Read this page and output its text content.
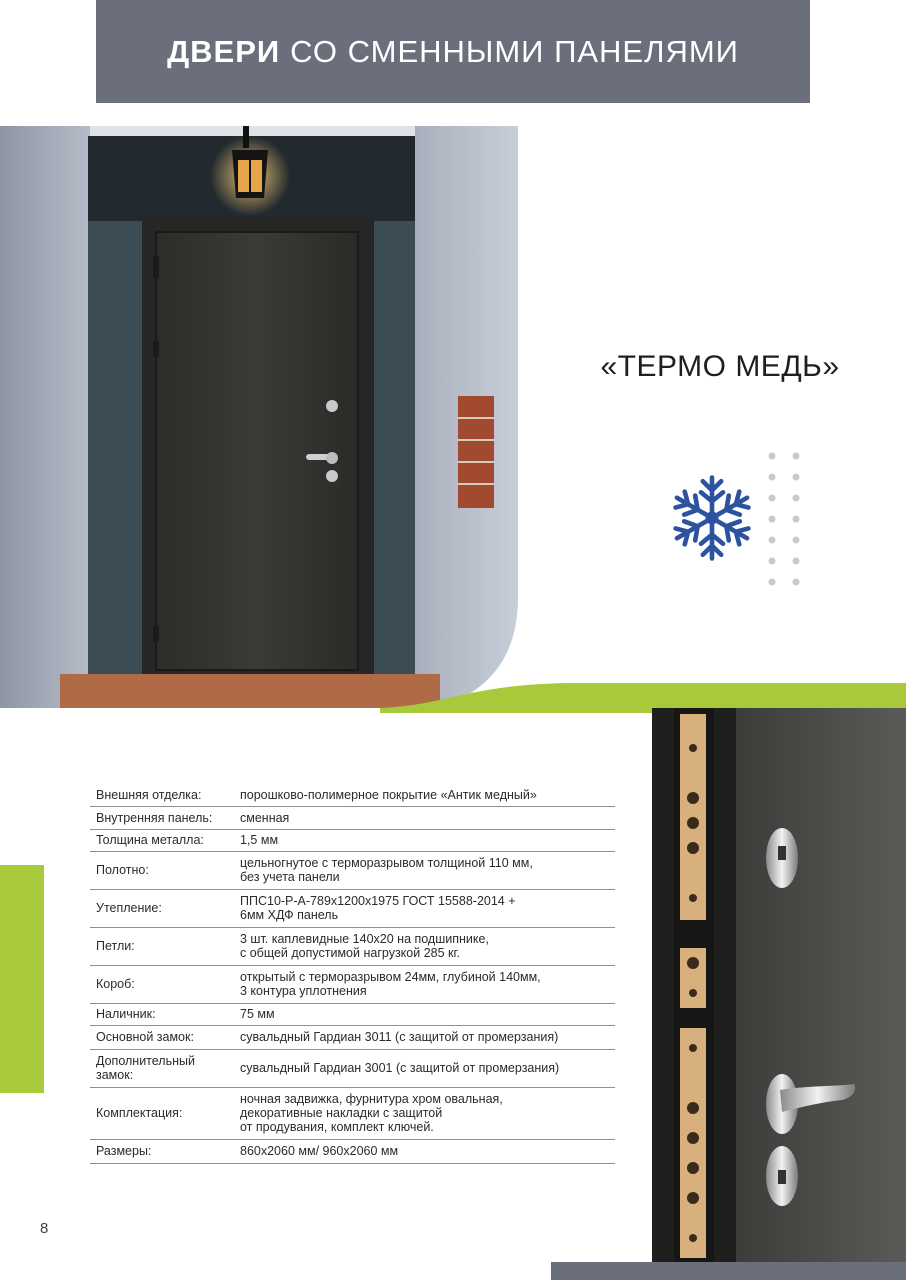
ДВЕРИ СО СМЕННЫМИ ПАНЕЛЯМИ
«ТЕРМО МЕДЬ»
Внешняя отделка:	порошково-полимерное покрытие «Антик медный»
Внутренняя панель:	сменная
Толщина металла:	1,5 мм
Полотно:	цельногнутое с терморазрывом толщиной 110 мм,
без учета панели
Утепление:	ППС10-Р-А-789х1200х1975 ГОСТ 15588-2014 +
6мм ХДФ панель
Петли:	3 шт. каплевидные 140х20 на подшипнике,
с общей допустимой нагрузкой 285 кг.
Короб:	открытый с терморазрывом 24мм, глубиной 140мм,
3 контура уплотнения
Наличник:	75 мм
Основной замок:	сувальдный Гардиан 3011 (с защитой от промерзания)
Дополнительный
замок:	сувальдный Гардиан 3001 (с защитой от промерзания)
Комплектация:	ночная задвижка, фурнитура хром овальная,
декоративные накладки с защитой
от продувания, комплект ключей.
Размеры:	860х2060 мм/ 960х2060 мм
8
